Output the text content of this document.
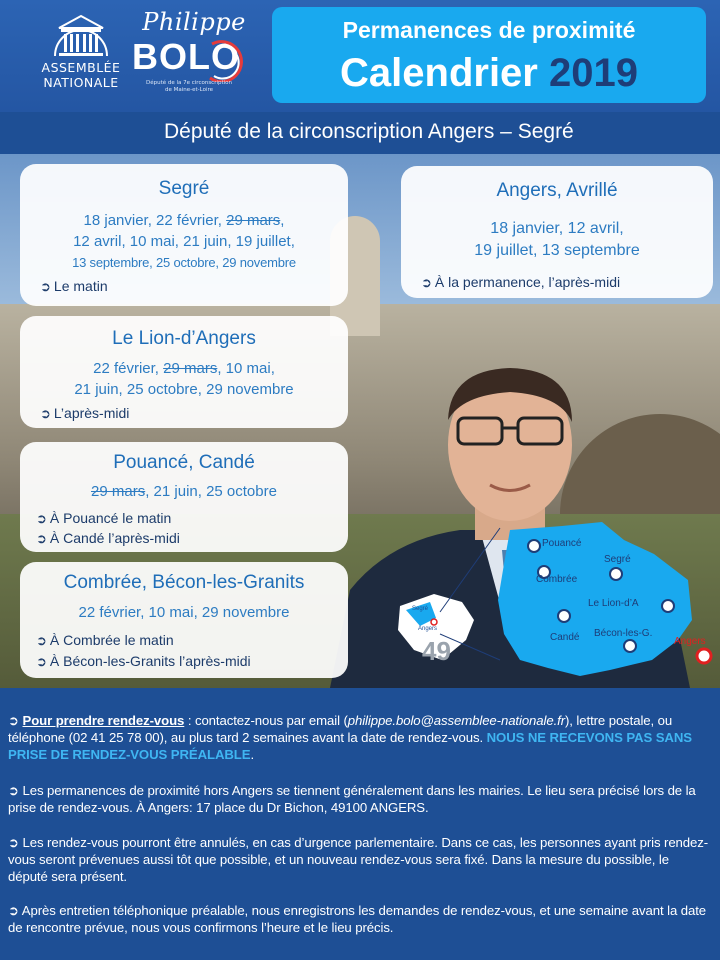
ASSEMBLÉE
NATIONALE
Philippe
BOLO
Député de la 7e circonscription de Maine-et-Loire
Permanences de proximité
Calendrier 2019
Député de la circonscription Angers – Segré
49
Segré
Angers
Pouancé
Combrée
Segré
Le Lion-d’A
Candé Bécon-les-G.
Angers
Segré
18 janvier, 22 février, 29 mars,
12 avril, 10 mai, 21 juin, 19 juillet,
13 septembre, 25 octobre, 29 novembre
➲ Le matin
Angers, Avrillé
18 janvier, 12 avril,
19 juillet, 13 septembre
➲ À la permanence, l’après-midi
Le Lion-d’Angers
22 février, 29 mars, 10 mai,
21 juin, 25 octobre, 29 novembre
➲ L’après-midi
Pouancé, Candé
29 mars, 21 juin, 25 octobre
➲ À Pouancé le matin
➲ À Candé l’après-midi
Combrée, Bécon-les-Granits
22 février, 10 mai, 29 novembre
➲ À Combrée le matin
➲ À Bécon-les-Granits l’après-midi

➲ Pour prendre rendez-vous : contactez-nous par email (philippe.bolo@assemblee-nationale.fr), lettre postale, ou téléphone (02 41 25 78 00), au plus tard 2 semaines avant la date de rendez-vous. NOUS NE RECEVONS PAS SANS PRISE DE RENDEZ-VOUS PRÉALABLE.

➲ Les permanences de proximité hors Angers se tiennent généralement dans les mairies. Le lieu sera précisé lors de la prise de rendez-vous. À Angers: 17 place du Dr Bichon, 49100 ANGERS.

➲ Les rendez-vous pourront être annulés, en cas d’urgence parlementaire. Dans ce cas, les personnes ayant pris rendez-vous seront prévenues aussi tôt que possible, et un nouveau rendez-vous sera fixé. Dans la mesure du possible, le député sera présent.

➲ Après entretien téléphonique préalable, nous enregistrons les demandes de rendez-vous, et une semaine avant la date de rencontre prévue, nous vous confirmons l’heure et le lieu précis.
